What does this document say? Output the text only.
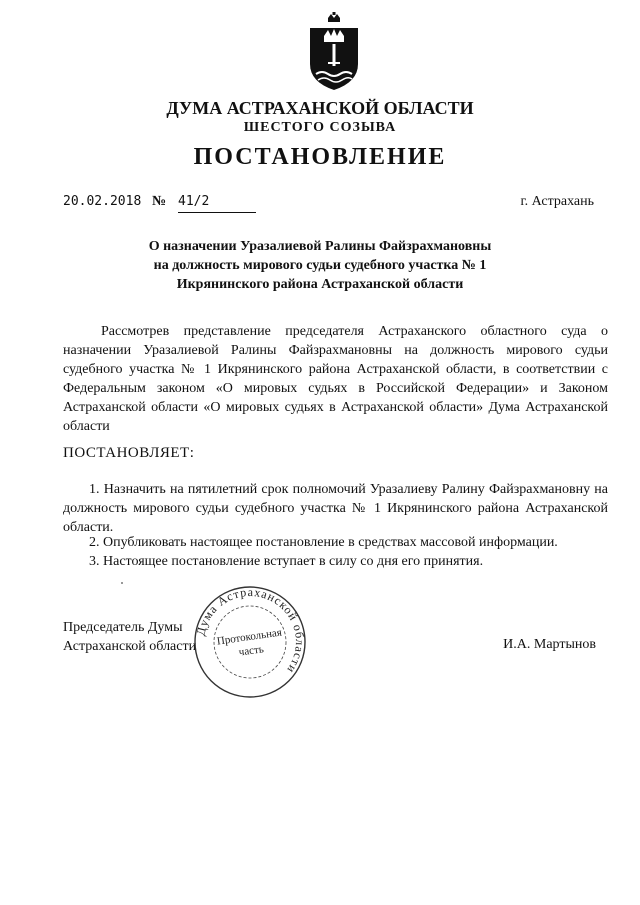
ДУМА АСТРАХАНСКОЙ ОБЛАСТИ
ШЕСТОГО СОЗЫВА
ПОСТАНОВЛЕНИЕ
20.02.2018 № 41/2	г. Астрахань
О назначении Уразалиевой Ралины Файзрахмановны
на должность мирового судьи судебного участка № 1
Икрянинского района Астраханской области
Рассмотрев представление председателя Астраханского областного суда о назначении Уразалиевой Ралины Файзрахмановны на должность мирового судьи судебного участка № 1 Икрянинского района Астраханской области, в соответствии с Федеральным законом «О мировых судьях в Российской Федерации» и Законом Астраханской области «О мировых судьях в Астраханской области» Дума Астраханской области
ПОСТАНОВЛЯЕТ:
1. Назначить на пятилетний срок полномочий Уразалиеву Ралину Файзрахмановну на должность мирового судьи судебного участка № 1 Икрянинского района Астраханской области.
2. Опубликовать настоящее постановление в средствах массовой информации.
3. Настоящее постановление вступает в силу со дня его принятия.
Председатель Думы
Астраханской области	И.А. Мартынов
Дума Астраханской области
Протокольная
часть
